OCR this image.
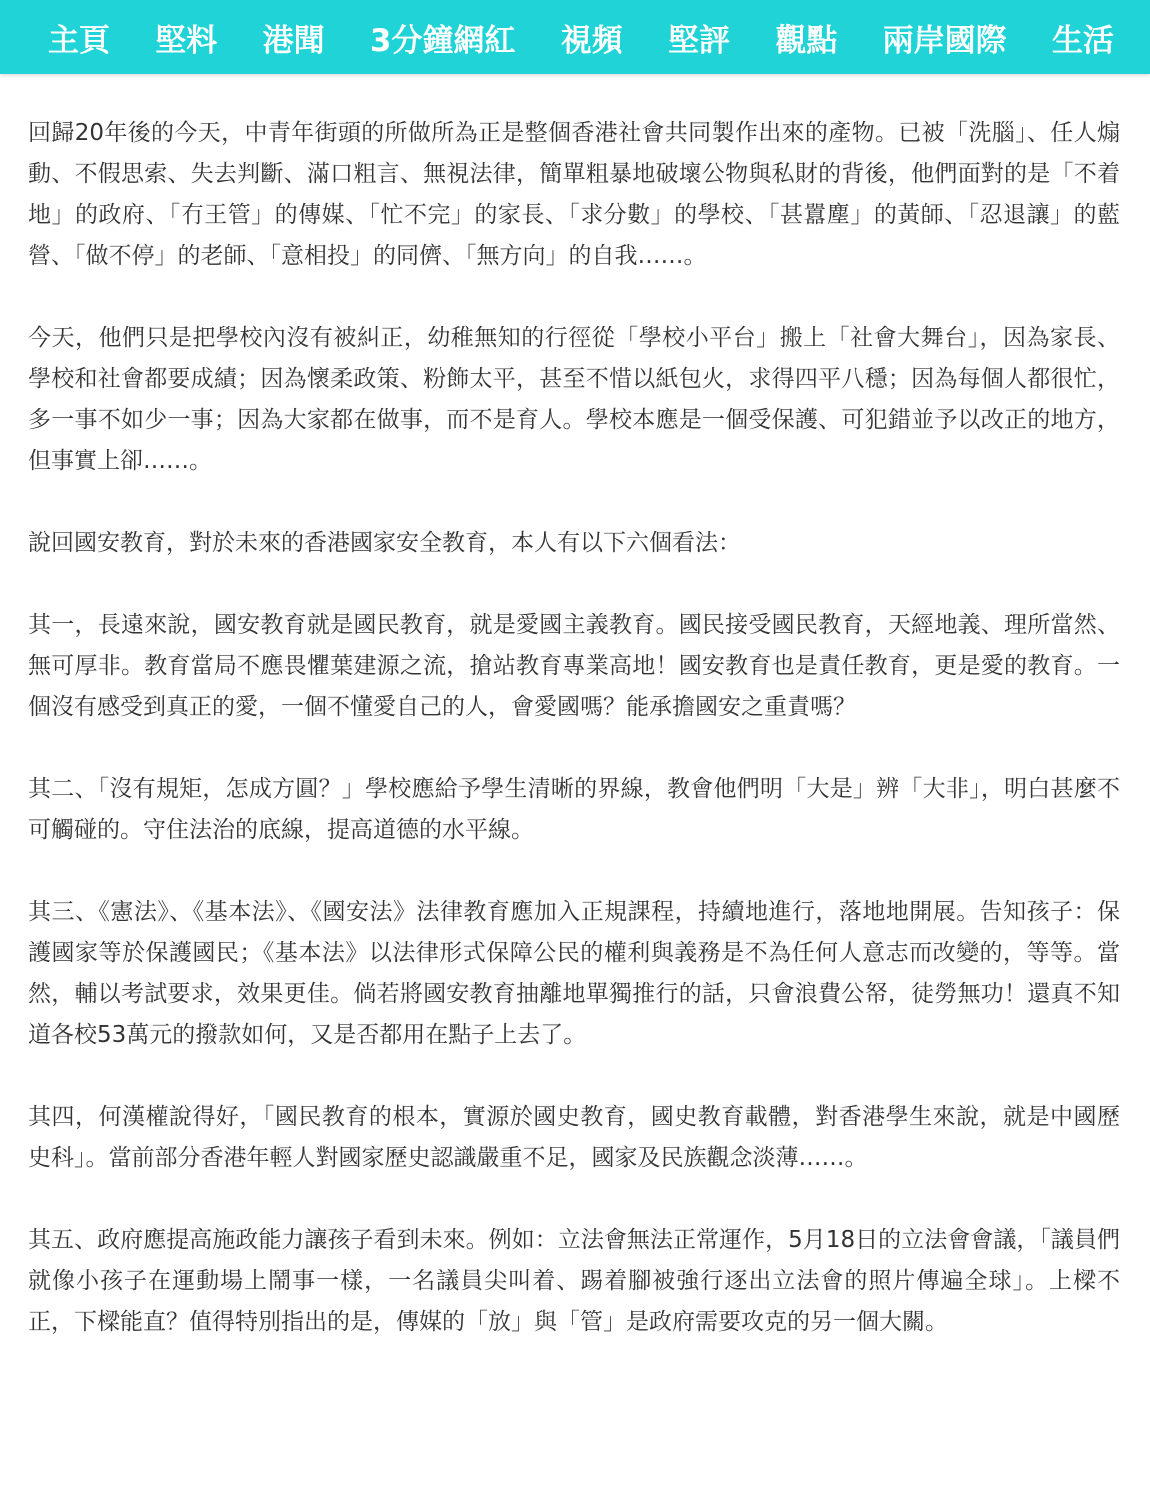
主頁 堅料 港聞 3分鐘網紅 視頻 堅評 觀點 兩岸國際 生活

回歸20年後的今天，中青年街頭的所做所為正是整個香港社會共同製作出來的產物。已被「洗腦」、任人煽動、不假思索、失去判斷、滿口粗言、無視法律，簡單粗暴地破壞公物與私財的背後，他們面對的是「不着地」的政府、「冇王管」的傳媒、「忙不完」的家長、「求分數」的學校、「甚囂塵」的黃師、「忍退讓」的藍營、「做不停」的老師、「意相投」的同儕、「無方向」的自我……。

今天，他們只是把學校內沒有被糾正，幼稚無知的行徑從「學校小平台」搬上「社會大舞台」，因為家長、學校和社會都要成績；因為懷柔政策、粉飾太平，甚至不惜以紙包火，求得四平八穩；因為每個人都很忙，多一事不如少一事；因為大家都在做事，而不是育人。學校本應是一個受保護、可犯錯並予以改正的地方，但事實上卻……。

說回國安教育，對於未來的香港國家安全教育，本人有以下六個看法：

其一，長遠來說，國安教育就是國民教育，就是愛國主義教育。國民接受國民教育，天經地義、理所當然、無可厚非。教育當局不應畏懼葉建源之流，搶站教育專業高地！國安教育也是責任教育，更是愛的教育。一個沒有感受到真正的愛，一個不懂愛自己的人，會愛國嗎？能承擔國安之重責嗎？

其二、「沒有規矩，怎成方圓？」學校應給予學生清晰的界線，教會他們明「大是」辨「大非」，明白甚麼不可觸碰的。守住法治的底線，提高道德的水平線。

其三、《憲法》、《基本法》、《國安法》法律教育應加入正規課程，持續地進行，落地地開展。告知孩子：保護國家等於保護國民；《基本法》以法律形式保障公民的權利與義務是不為任何人意志而改變的，等等。當然，輔以考試要求，效果更佳。倘若將國安教育抽離地單獨推行的話，只會浪費公帑，徒勞無功！還真不知道各校53萬元的撥款如何，又是否都用在點子上去了。

其四，何漢權說得好，「國民教育的根本，實源於國史教育，國史教育載體，對香港學生來說，就是中國歷史科」。當前部分香港年輕人對國家歷史認識嚴重不足，國家及民族觀念淡薄……。

其五、政府應提高施政能力讓孩子看到未來。例如：立法會無法正常運作，5月18日的立法會會議，「議員們就像小孩子在運動場上鬧事一樣，一名議員尖叫着、踢着腳被強行逐出立法會的照片傳遍全球」。上樑不正，下樑能直？值得特別指出的是，傳媒的「放」與「管」是政府需要攻克的另一個大關。
